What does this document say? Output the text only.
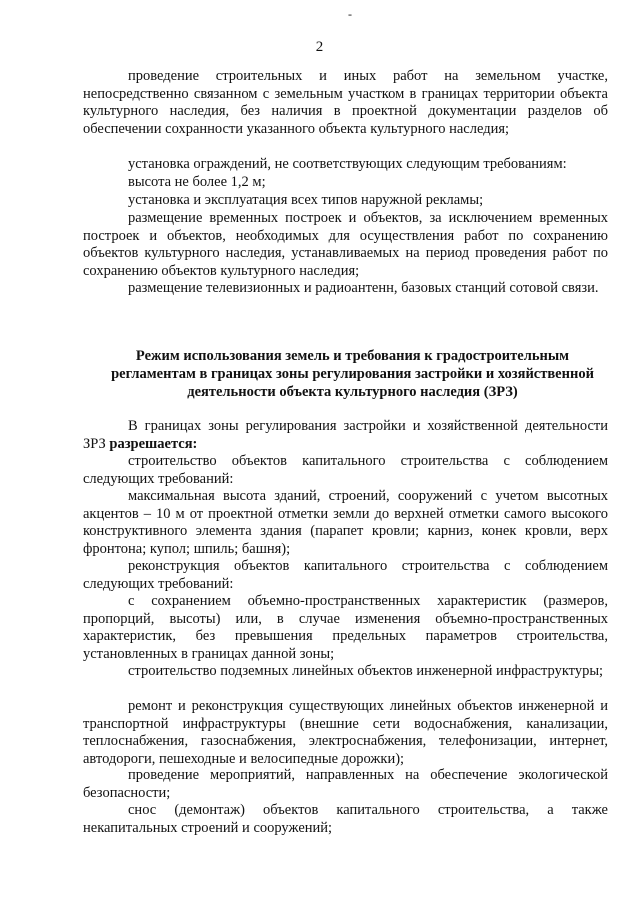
-
2

проведение строительных и иных работ на земельном участке, непосредственно связанном с земельным участком в границах территории объекта культурного наследия, без наличия в проектной документации разделов об обеспечении сохранности указанного объекта культурного наследия;

установка ограждений, не соответствующих следующим требованиям:

высота не более 1,2 м;

установка и эксплуатация всех типов наружной рекламы;

размещение временных построек и объектов, за исключением временных построек и объектов, необходимых для осуществления работ по сохранению объектов культурного наследия, устанавливаемых на период проведения работ по сохранению объектов культурного наследия;

размещение телевизионных и радиоантенн, базовых станций сотовой связи.

Режим использования земель и требования к градостроительным
регламентам в границах зоны регулирования застройки и хозяйственной
деятельности объекта культурного наследия (ЗРЗ)

В границах зоны регулирования застройки и хозяйственной деятельности ЗРЗ разрешается:

строительство объектов капитального строительства с соблюдением следующих требований:

максимальная высота зданий, строений, сооружений с учетом высотных акцентов – 10 м от проектной отметки земли до верхней отметки самого высокого конструктивного элемента здания (парапет кровли; карниз, конек кровли, верх фронтона; купол; шпиль; башня);

реконструкция объектов капитального строительства с соблюдением следующих требований:

с сохранением объемно-пространственных характеристик (размеров, пропорций, высоты) или, в случае изменения объемно-пространственных характеристик, без превышения предельных параметров строительства, установленных в границах данной зоны;

строительство подземных линейных объектов инженерной инфраструктуры;

ремонт и реконструкция существующих линейных объектов инженерной и транспортной инфраструктуры (внешние сети водоснабжения, канализации, теплоснабжения, газоснабжения, электроснабжения, телефонизации, интернет, автодороги, пешеходные и велосипедные дорожки);

проведение мероприятий, направленных на обеспечение экологической безопасности;

снос (демонтаж) объектов капитального строительства, а также некапитальных строений и сооружений;
